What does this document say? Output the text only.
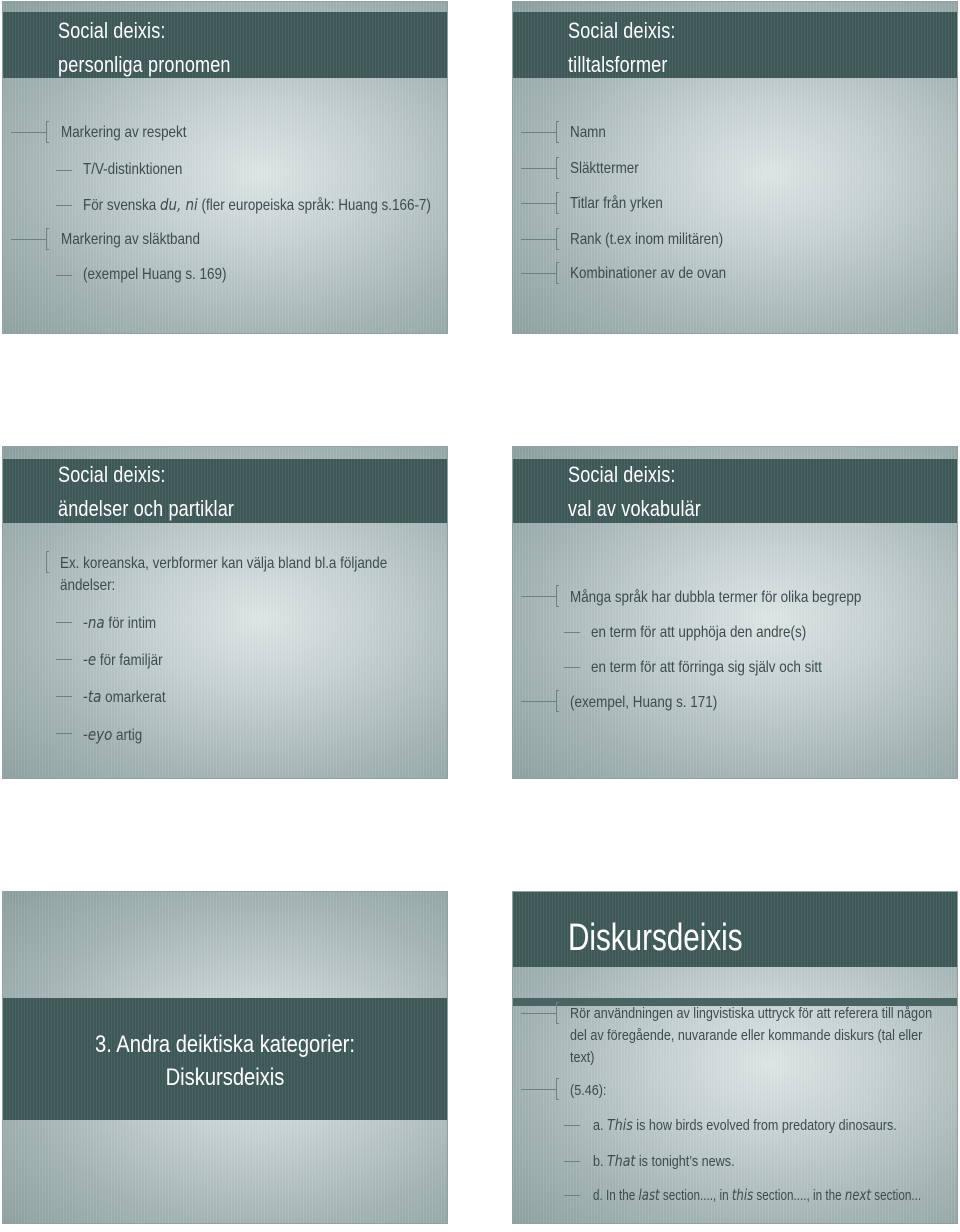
Social deixis:
personliga pronomen
Markering av respekt
T/V-distinktionen
För svenska du, ni (fler europeiska språk: Huang s.166-7)
Markering av släktband
(exempel Huang s. 169)
Social deixis:
tilltalsformer
Namn
Släkttermer
Titlar från yrken
Rank (t.ex inom militären)
Kombinationer av de ovan
Social deixis:
ändelser och partiklar
Ex. koreanska, verbformer kan välja bland bl.a följande ändelser:
-na för intim
-e för familjär
-ta omarkerat
-eyo artig
Social deixis:
val av vokabulär
Många språk har dubbla termer för olika begrepp
en term för att upphöja den andre(s)
en term för att förringa sig själv och sitt
(exempel, Huang s. 171)
3. Andra deiktiska kategorier:
Diskursdeixis
Diskursdeixis
Rör användningen av lingvistiska uttryck för att referera till någon del av föregående, nuvarande eller kommande diskurs (tal eller text)
(5.46):
a. This is how birds evolved from predatory dinosaurs.
b. That is tonight’s news.
d. In the last section...., in this section...., in the next section...
